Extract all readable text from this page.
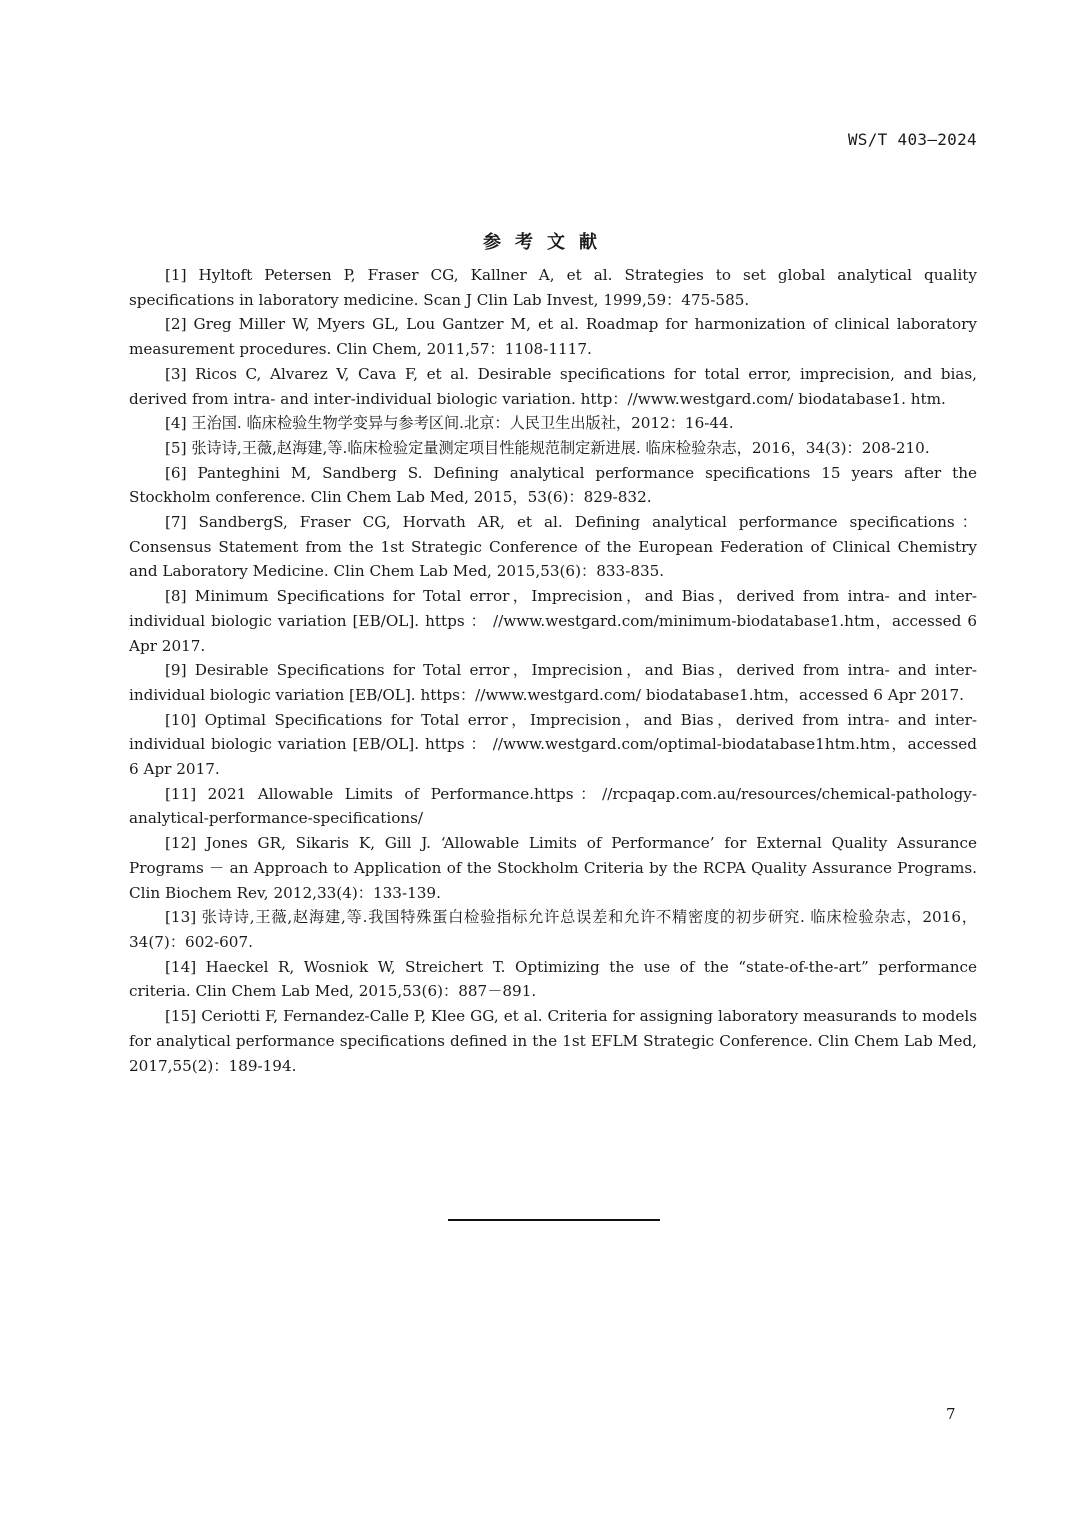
WS/T 403—2024
参考文献
[1] Hyltoft Petersen P, Fraser CG, Kallner A, et al. Strategies to set global analytical quality specifications in laboratory medicine. Scan J Clin Lab Invest, 1999,59：475-585.
[2] Greg Miller W, Myers GL, Lou Gantzer M, et al. Roadmap for harmonization of clinical laboratory measurement procedures. Clin Chem, 2011,57：1108-1117.
[3] Ricos C, Alvarez V, Cava F, et al. Desirable specifications for total error, imprecision, and bias, derived from intra- and inter-individual biologic variation. http：//www.westgard.com/ biodatabase1. htm.
[4] 王治国. 临床检验生物学变异与参考区间.北京：人民卫生出版社，2012：16-44.
[5] 张诗诗,王薇,赵海建,等.临床检验定量测定项目性能规范制定新进展. 临床检验杂志，2016，34(3)：208-210.
[6] Panteghini M, Sandberg S. Defining analytical performance specifications 15 years after the Stockholm conference. Clin Chem Lab Med, 2015，53(6)：829-832.
[7] SandbergS, Fraser CG, Horvath AR, et al. Defining analytical performance specifications： Consensus Statement from the 1st Strategic Conference of the European Federation of Clinical Chemistry and Laboratory Medicine. Clin Chem Lab Med, 2015,53(6)：833-835.
[8] Minimum Specifications for Total error，Imprecision，and Bias，derived from intra- and inter-individual biologic variation [EB/OL]. https ： //www.westgard.com/minimum-biodatabase1.htm，accessed 6 Apr 2017.
[9] Desirable Specifications for Total error，Imprecision，and Bias，derived from intra- and inter-individual biologic variation [EB/OL]. https：//www.westgard.com/ biodatabase1.htm，accessed 6 Apr 2017.
[10] Optimal Specifications for Total error，Imprecision，and Bias，derived from intra- and inter-individual biologic variation [EB/OL]. https ： //www.westgard.com/optimal-biodatabase1htm.htm，accessed 6 Apr 2017.
[11] 2021 Allowable Limits of Performance.https：//rcpaqap.com.au/resources/chemical-pathology- analytical-performance-specifications/
[12] Jones GR, Sikaris K, Gill J. ‘Allowable Limits of Performance’ for External Quality Assurance Programs － an Approach to Application of the Stockholm Criteria by the RCPA Quality Assurance Programs. Clin Biochem Rev, 2012,33(4)：133-139.
[13] 张诗诗,王薇,赵海建,等.我国特殊蛋白检验指标允许总误差和允许不精密度的初步研究. 临床检验杂志，2016，34(7)：602-607.
[14] Haeckel R, Wosniok W, Streichert T. Optimizing the use of the “state-of-the-art” performance criteria. Clin Chem Lab Med, 2015,53(6)：887－891.
[15] Ceriotti F, Fernandez-Calle P, Klee GG, et al. Criteria for assigning laboratory measurands to models for analytical performance specifications defined in the 1st EFLM Strategic Conference. Clin Chem Lab Med, 2017,55(2)：189-194.
7
